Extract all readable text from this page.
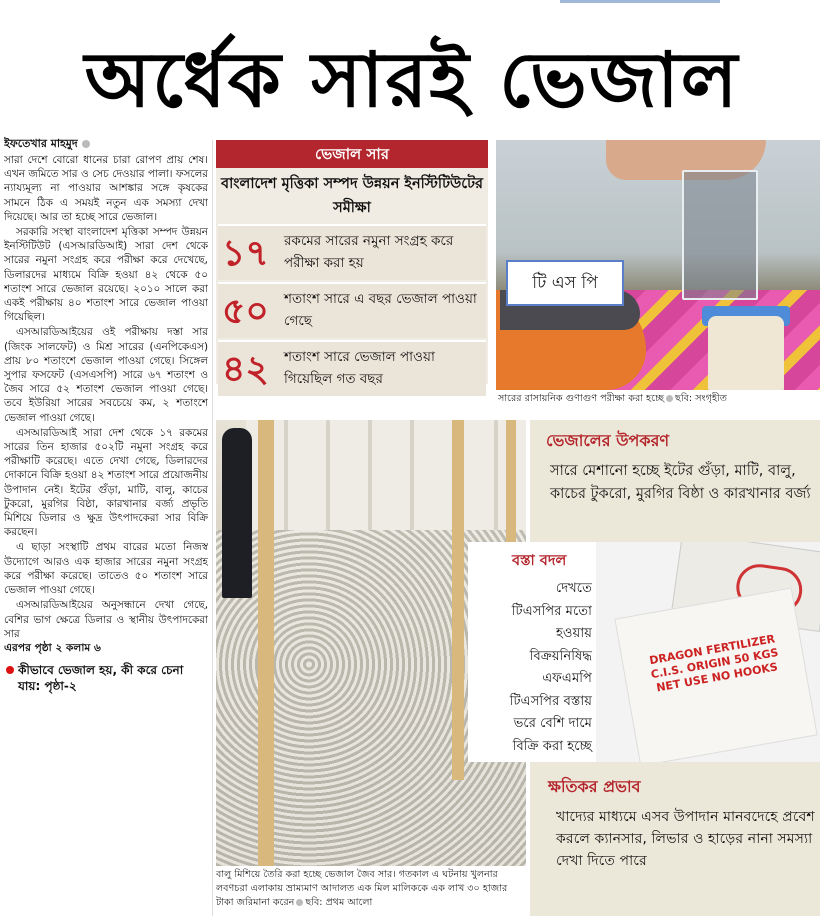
অর্ধেক সারই ভেজাল
ইফতেখার মাহমুদ

সারা দেশে বোরো ধানের চারা রোপণ প্রায় শেষ। এখন জমিতে সার ও সেচ দেওয়ার পালা। ফসলের ন্যায্যমূল্য না পাওয়ার আশঙ্কার সঙ্গে কৃষকের সামনে ঠিক এ সময়ই নতুন এক সমস্যা দেখা দিয়েছে। আর তা হচ্ছে সারে ভেজাল।

সরকারি সংস্থা বাংলাদেশ মৃত্তিকা সম্পদ উন্নয়ন ইনস্টিটিউট (এসআরডিআই) সারা দেশ থেকে সারের নমুনা সংগ্রহ করে পরীক্ষা করে দেখেছে, ডিলারদের মাধ্যমে বিক্রি হওয়া ৪২ থেকে ৫০ শতাংশ সারে ভেজাল রয়েছে। ২০১০ সালে করা একই পরীক্ষায় ৪০ শতাংশ সারে ভেজাল পাওয়া গিয়েছিল।

এসআরডিআইয়ের ওই পরীক্ষায় দস্তা সার (জিংক সালফেট) ও মিশ্র সারের (এনপিকেএস) প্রায় ৮০ শতাংশে ভেজাল পাওয়া গেছে। সিঙ্গেল সুপার ফসফেট (এসএসপি) সারে ৬৭ শতাংশ ও জৈব সারে ৫২ শতাংশ ভেজাল পাওয়া গেছে। তবে ইউরিয়া সারের সবচেয়ে কম, ২ শতাংশে ভেজাল পাওয়া গেছে।

এসআরডিআই সারা দেশ থেকে ১৭ রকমের সারের তিন হাজার ৫০২টি নমুনা সংগ্রহ করে পরীক্ষাটি করেছে। এতে দেখা গেছে, ডিলারদের দোকানে বিক্রি হওয়া ৪২ শতাংশ সারে প্রয়োজনীয় উপাদান নেই। ইটের গুঁড়া, মাটি, বালু, কাচের টুকরো, মুরগির বিষ্ঠা, কারখানার বর্জ্য প্রভৃতি মিশিয়ে ডিলার ও ক্ষুদ্র উৎপাদকেরা সার বিক্রি করছেন।

এ ছাড়া সংস্থাটি প্রথম বারের মতো নিজস্ব উদ্যোগে আরও এক হাজার সারের নমুনা সংগ্রহ করে পরীক্ষা করেছে। তাতেও ৫০ শতাংশ সারে ভেজাল পাওয়া গেছে।

এসআরডিআইয়ের অনুসন্ধানে দেখা গেছে, বেশির ভাগ ক্ষেত্রে ডিলার ও স্থানীয় উৎপাদকেরা সার

এরপর পৃষ্ঠা ২ কলাম ৬
কীভাবে ভেজাল হয়, কী করে চেনা যায়: পৃষ্ঠা-২
ভেজাল সার
বাংলাদেশ মৃত্তিকা সম্পদ উন্নয়ন ইনস্টিটিউটের সমীক্ষা
১৭ রকমের সারের নমুনা সংগ্রহ করে পরীক্ষা করা হয়
৫০ শতাংশ সারে এ বছর ভেজাল পাওয়া গেছে
৪২ শতাংশ সারে ভেজাল পাওয়া গিয়েছিল গত বছর
টি এস পি
সারের রাসায়নিক গুণাগুণ পরীক্ষা করা হচ্ছে ছবি: সংগৃহীত
বালু মিশিয়ে তৈরি করা হচ্ছে ভেজাল জৈব সার। গতকাল এ ঘটনায় খুলনার লবণচরা এলাকায় ভ্রাম্যমাণ আদালত এক মিল মালিককে এক লাখ ৩০ হাজার টাকা জরিমানা করেন ছবি: প্রথম আলো
ভেজালের উপকরণ
সারে মেশানো হচ্ছে ইটের গুঁড়া, মাটি, বালু, কাচের টুকরো, মুরগির বিষ্ঠা ও কারখানার বর্জ্য
বস্তা বদল
দেখতে টিএসপির মতো হওয়ায় বিক্রয়নিষিদ্ধ এফএমপি টিএসপির বস্তায় ভরে বেশি দামে বিক্রি করা হচ্ছে
DRAGON FERTILIZER C.I.S. ORIGIN 50 KGS NET USE NO HOOKS
ক্ষতিকর প্রভাব
খাদ্যের মাধ্যমে এসব উপাদান মানবদেহে প্রবেশ করলে ক্যানসার, লিভার ও হাড়ের নানা সমস্যা দেখা দিতে পারে
